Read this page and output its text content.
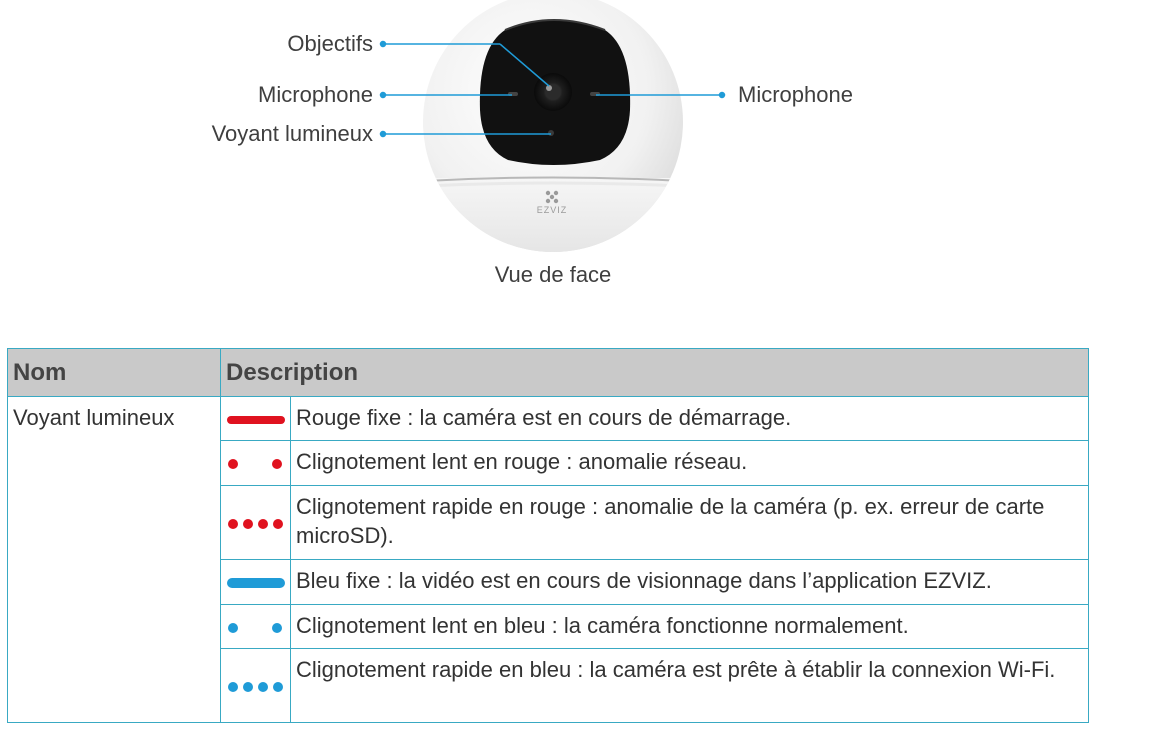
EZVIZ
Objectifs
Microphone
Voyant lumineux
Microphone
Vue de face
Nom	Description	
Voyant lumineux		Rouge fixe : la caméra est en cours de démarrage.

	Clignotement lent en rouge : anomalie réseau.

	Clignotement rapide en rouge : anomalie de la caméra (p. ex. erreur de carte microSD).

	Bleu fixe : la vidéo est en cours de visionnage dans l’application EZVIZ.

	Clignotement lent en bleu : la caméra fonctionne normalement.

	Clignotement rapide en bleu : la caméra est prête à établir la connexion Wi-Fi.
